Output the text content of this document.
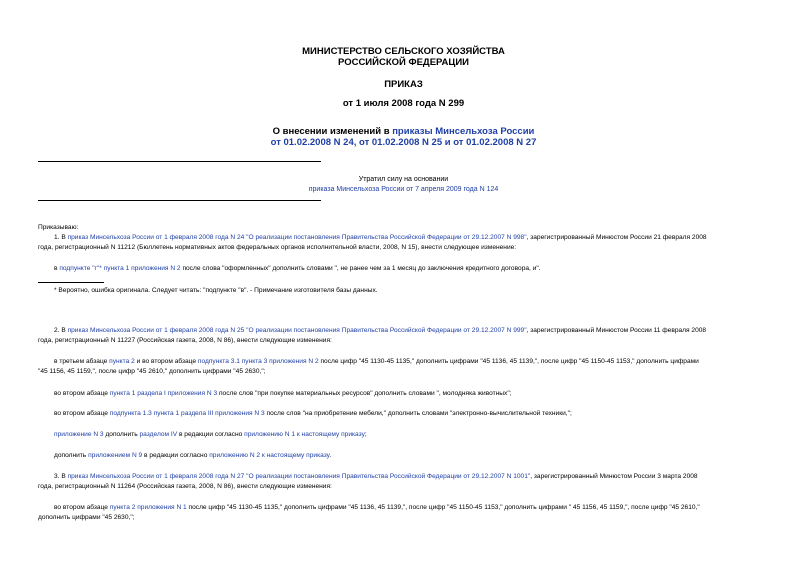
МИНИСТЕРСТВО СЕЛЬСКОГО ХОЗЯЙСТВА
РОССИЙСКОЙ ФЕДЕРАЦИИ
ПРИКАЗ
от 1 июля 2008 года N 299
О внесении изменений в приказы Минсельхоза России
от 01.02.2008 N 24, от 01.02.2008 N 25 и от 01.02.2008 N 27
Утратил силу на основании
приказа Минсельхоза России от 7 апреля 2009 года N 124
Приказываю:
1. В приказ Минсельхоза России от 1 февраля 2008 года N 24 "О реализации постановления Правительства Российской Федерации от 29.12.2007 N 998", зарегистрированный Минюстом России 21 февраля 2008
года, регистрационный N 11212 (Бюллетень нормативных актов федеральных органов исполнительной власти, 2008, N 15), внести следующее изменение:
в подпункте "г"* пункта 1 приложения N 2 после слова "оформленных" дополнить словами ", не ранее чем за 1 месяц до заключения кредитного договора, и".
* Вероятно, ошибка оригинала. Следует читать: "подпункте "в". - Примечание изготовителя базы данных.
2. В приказ Минсельхоза России от 1 февраля 2008 года N 25 "О реализации постановления Правительства Российской Федерации от 29.12.2007 N 999", зарегистрированный Минюстом России 11 февраля 2008
года, регистрационный N 11227 (Российская газета, 2008, N 86), внести следующие изменения:
в третьем абзаце пункта 2 и во втором абзаце подпункта 3.1 пункта 3 приложения N 2 после цифр "45 1130-45 1135," дополнить цифрами "45 1136, 45 1139,", после цифр "45 1150-45 1153," дополнить цифрами
"45 1156, 45 1159,", после цифр "45 2610," дополнить цифрами "45 2630,";
во втором абзаце пункта 1 раздела I приложения N 3 после слов "при покупке материальных ресурсов" дополнить словами ", молодняка животных";
во втором абзаце подпункта 1.3 пункта 1 раздела III приложения N 3 после слов "на приобретение мебели," дополнить словами "электронно-вычислительной техники,";
приложение N 3 дополнить разделом IV в редакции согласно приложению N 1 к настоящему приказу;
дополнить приложением N 9 в редакции согласно приложению N 2 к настоящему приказу.
3. В приказ Минсельхоза России от 1 февраля 2008 года N 27 "О реализации постановления Правительства Российской Федерации от 29.12.2007 N 1001", зарегистрированный Минюстом России 3 марта 2008
года, регистрационный N 11264 (Российская газета, 2008, N 86), внести следующие изменения:
во втором абзаце пункта 2 приложения N 1 после цифр "45 1130-45 1135," дополнить цифрами "45 1136, 45 1139,", после цифр "45 1150-45 1153," дополнить цифрами " 45 1156, 45 1159,", после цифр "45 2610,"
дополнить цифрами "45 2630,";
